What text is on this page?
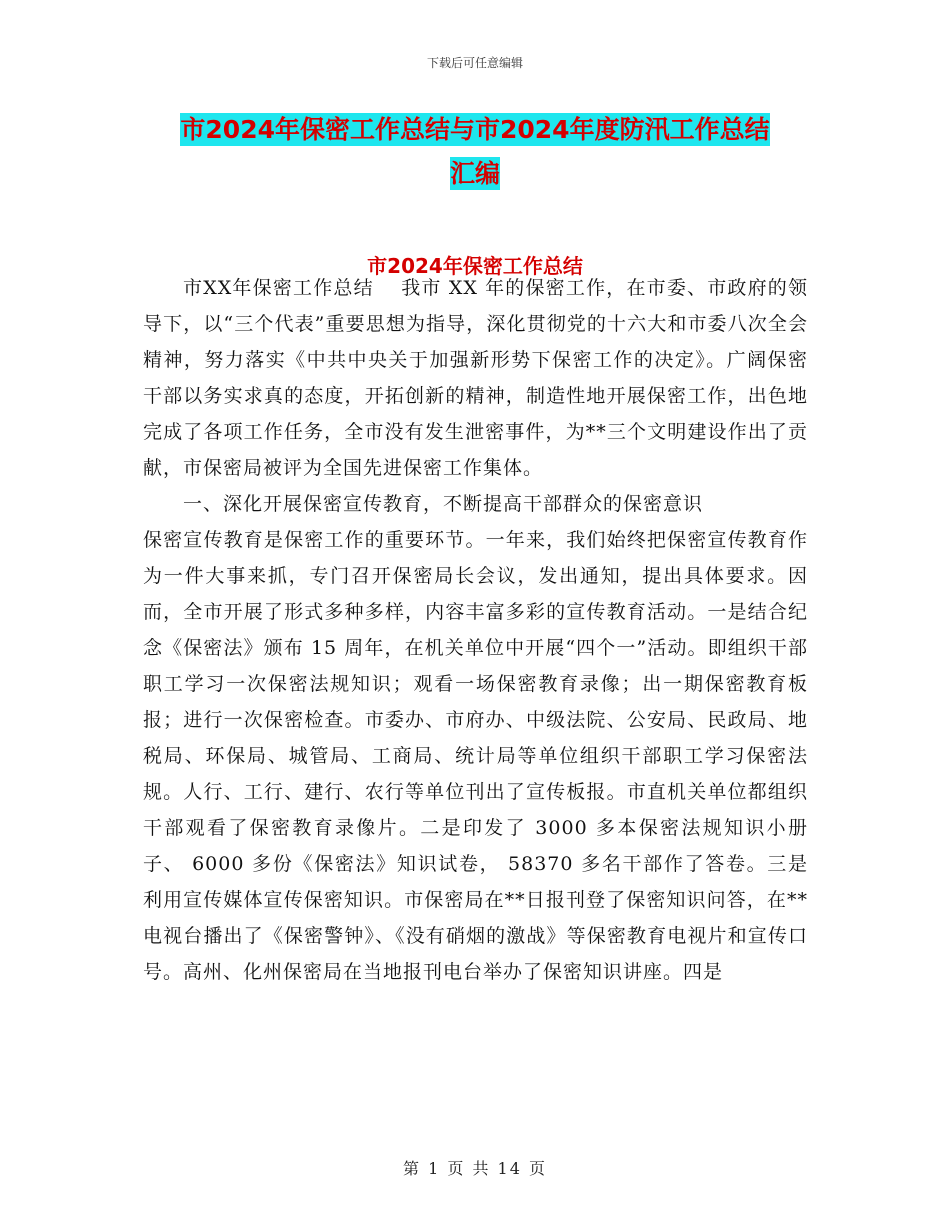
下载后可任意编辑
市2024年保密工作总结与市2024年度防汛工作总结
汇编
市2024年保密工作总结

市XX年保密工作总结　 我市 XX 年的保密工作，在市委、市政府的领导下，以“三个代表”重要思想为指导，深化贯彻党的十六大和市委八次全会精神，努力落实《中共中央关于加强新形势下保密工作的决定》。广阔保密干部以务实求真的态度，开拓创新的精神，制造性地开展保密工作，出色地完成了各项工作任务，全市没有发生泄密事件，为**三个文明建设作出了贡献，市保密局被评为全国先进保密工作集体。

一、深化开展保密宣传教育，不断提高干部群众的保密意识

保密宣传教育是保密工作的重要环节。一年来，我们始终把保密宣传教育作为一件大事来抓，专门召开保密局长会议，发出通知，提出具体要求。因而，全市开展了形式多种多样，内容丰富多彩的宣传教育活动。一是结合纪念《保密法》颁布 15 周年，在机关单位中开展“四个一”活动。即组织干部职工学习一次保密法规知识；观看一场保密教育录像；出一期保密教育板报；进行一次保密检查。市委办、市府办、中级法院、公安局、民政局、地税局、环保局、城管局、工商局、统计局等单位组织干部职工学习保密法规。人行、工行、建行、农行等单位刊出了宣传板报。市直机关单位都组织干部观看了保密教育录像片。二是印发了 3000 多本保密法规知识小册子、 6000 多份《保密法》知识试卷， 58370 多名干部作了答卷。三是利用宣传媒体宣传保密知识。市保密局在**日报刊登了保密知识问答，在**电视台播出了《保密警钟》、《没有硝烟的激战》等保密教育电视片和宣传口号。高州、化州保密局在当地报刊电台举办了保密知识讲座。四是

第 1 页 共 14 页
